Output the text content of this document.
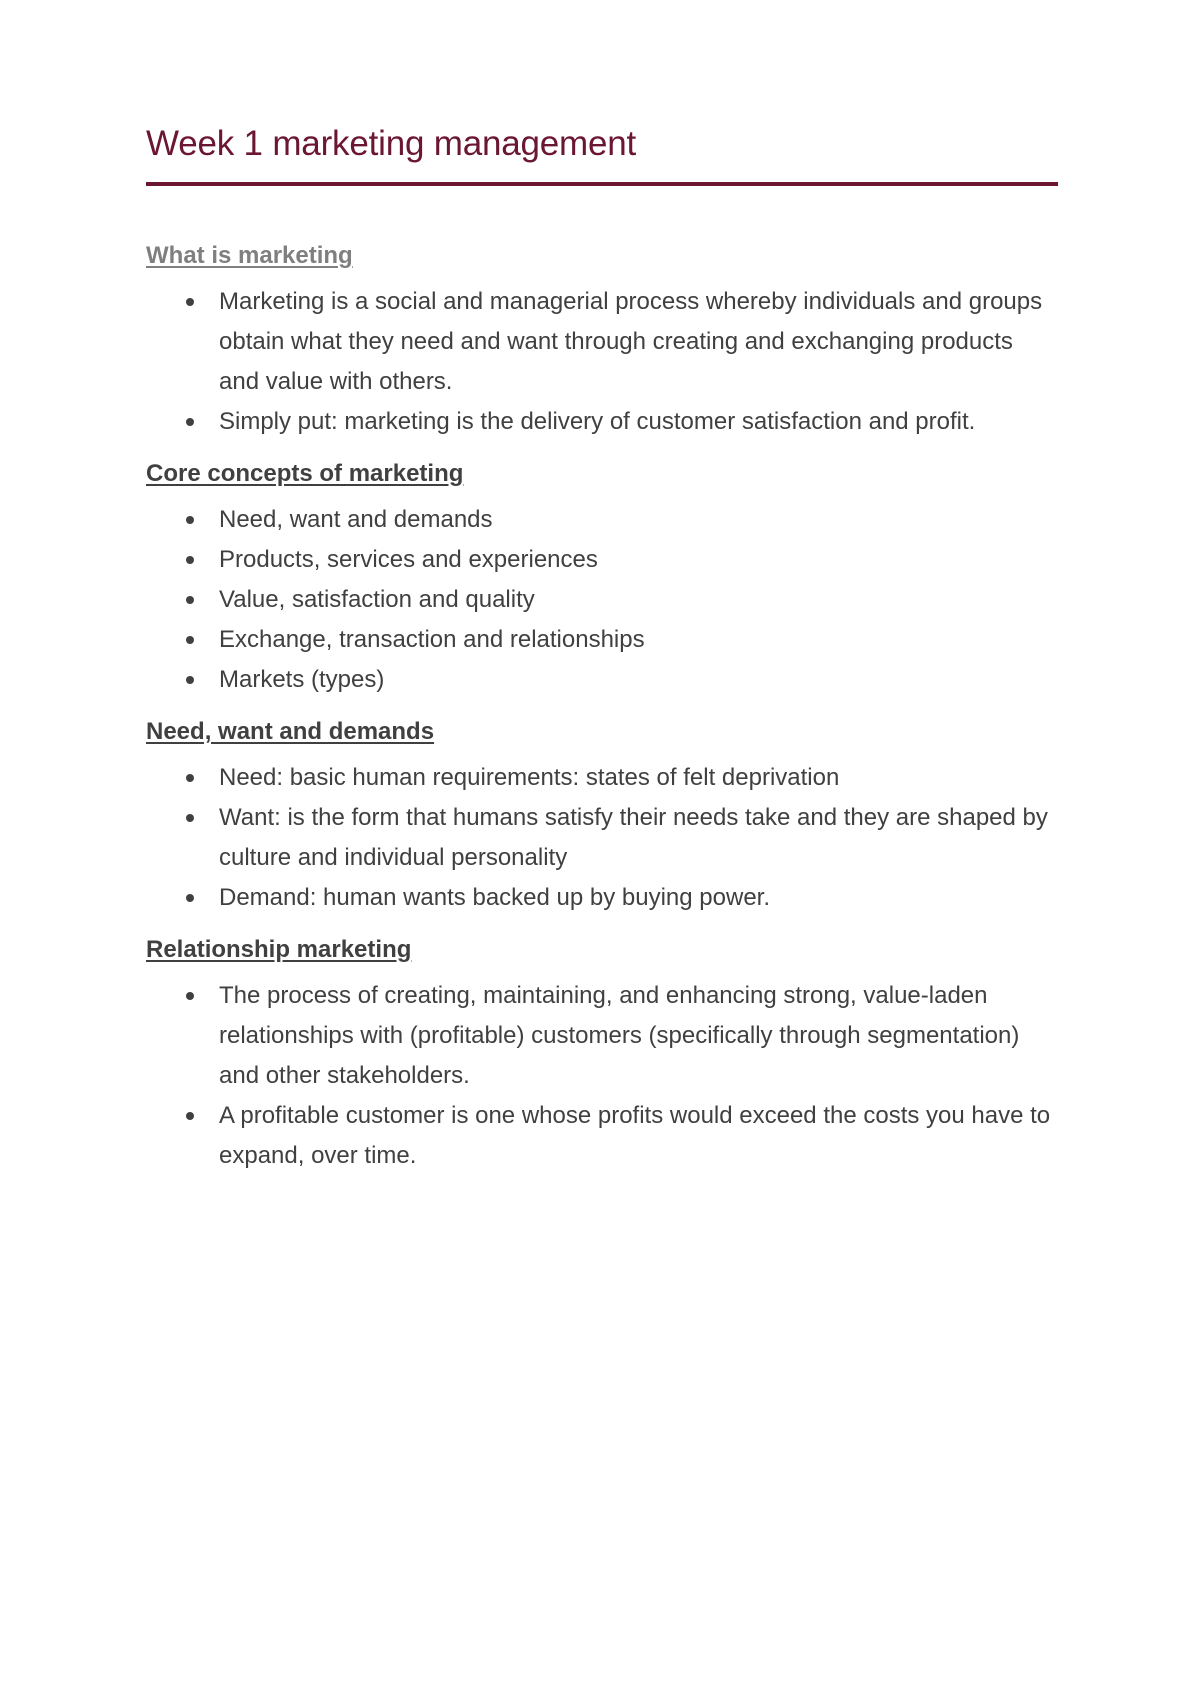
Week 1 marketing management
What is marketing
Marketing is a social and managerial process whereby individuals and groups obtain what they need and want through creating and exchanging products and value with others.
Simply put: marketing is the delivery of customer satisfaction and profit.
Core concepts of marketing
Need, want and demands
Products, services and experiences
Value, satisfaction and quality
Exchange, transaction and relationships
Markets (types)
Need, want and demands
Need: basic human requirements: states of felt deprivation
Want: is the form that humans satisfy their needs take and they are shaped by culture and individual personality
Demand: human wants backed up by buying power.
Relationship marketing
The process of creating, maintaining, and enhancing strong, value-laden relationships with (profitable) customers (specifically through segmentation) and other stakeholders.
A profitable customer is one whose profits would exceed the costs you have to expand, over time.
